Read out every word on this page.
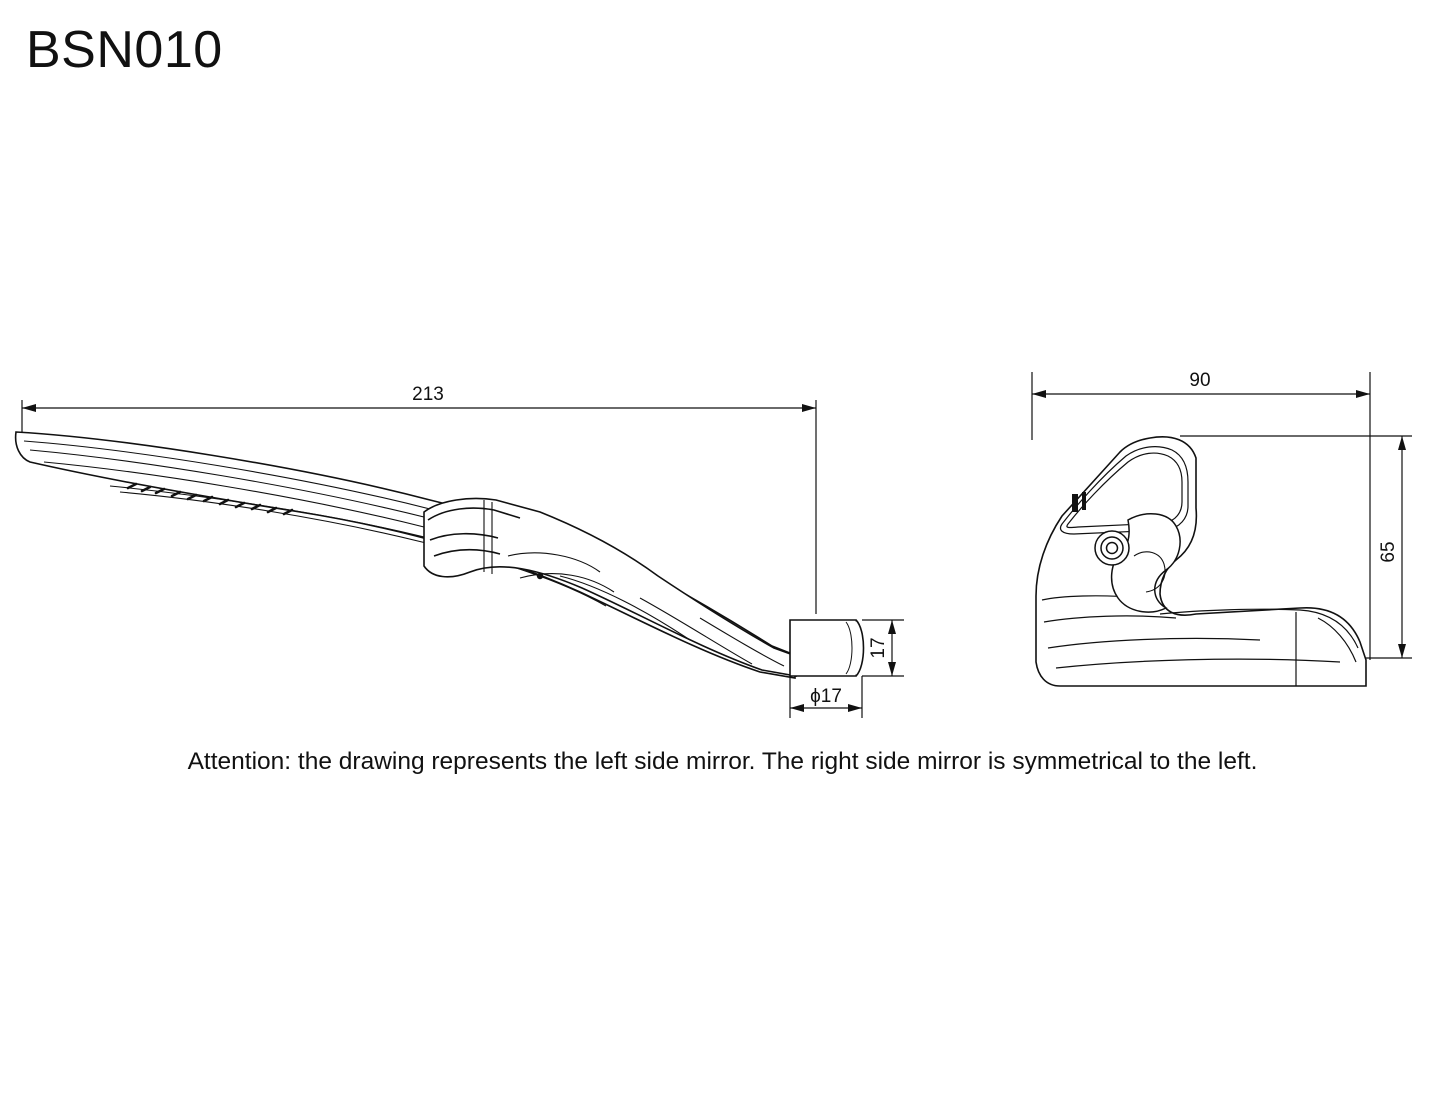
BSN010
213
17
ϕ17
90
65
Attention: the drawing represents the left side mirror. The right side mirror is symmetrical to the left.
